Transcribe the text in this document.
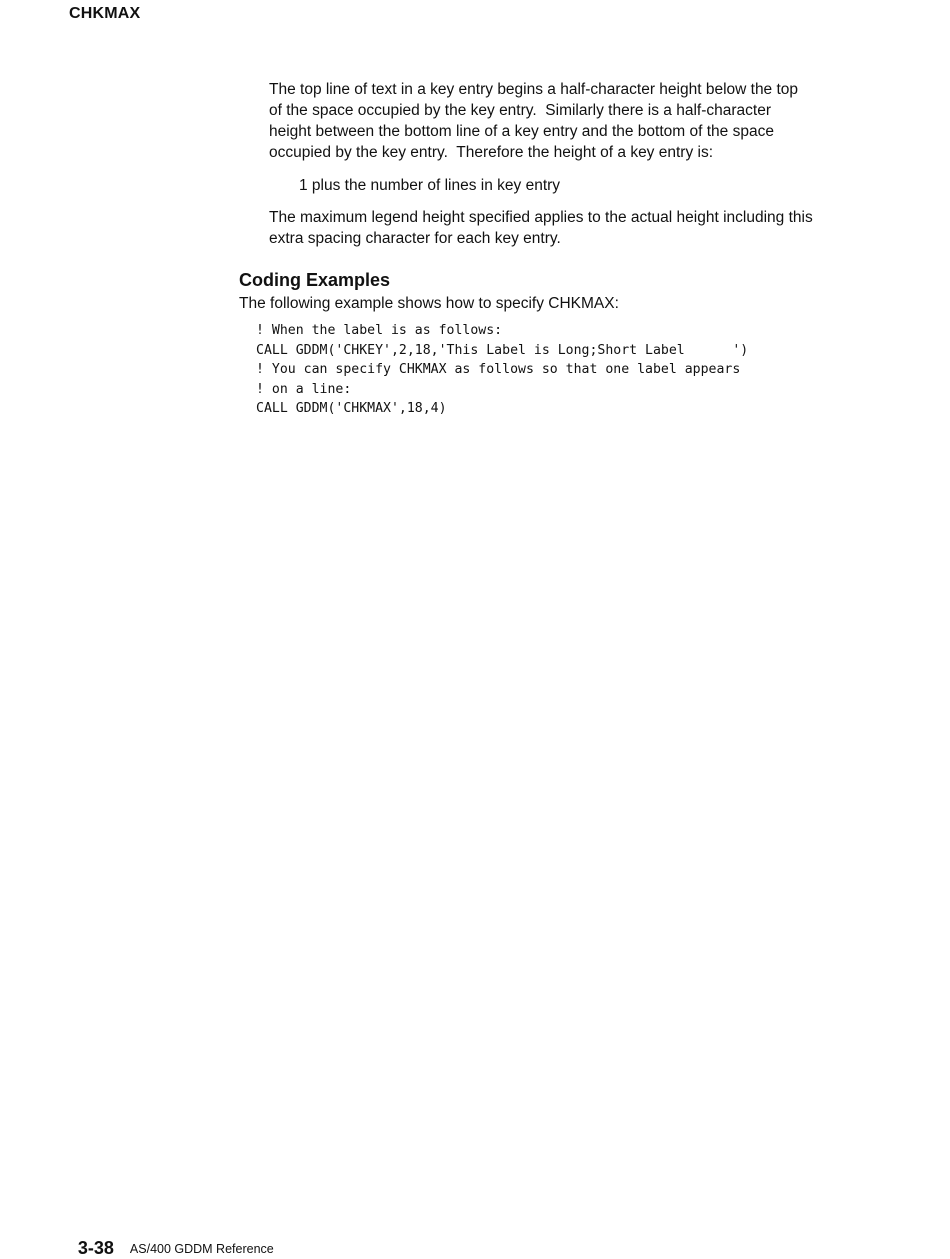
CHKMAX
The top line of text in a key entry begins a half-character height below the top
of the space occupied by the key entry.  Similarly there is a half-character
height between the bottom line of a key entry and the bottom of the space
occupied by the key entry.  Therefore the height of a key entry is:
1 plus the number of lines in key entry
The maximum legend height specified applies to the actual height including this
extra spacing character for each key entry.
Coding Examples
The following example shows how to specify CHKMAX:
! When the label is as follows:
CALL GDDM('CHKEY',2,18,'This Label is Long;Short Label      ')
! You can specify CHKMAX as follows so that one label appears
! on a line:
CALL GDDM('CHKMAX',18,4)

3-38 AS/400 GDDM Reference
